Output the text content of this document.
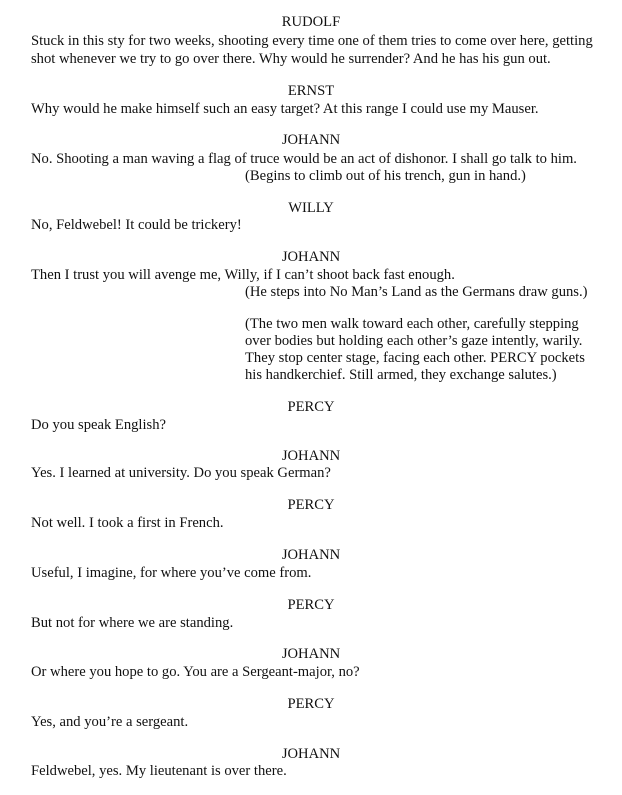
RUDOLF
Stuck in this sty for two weeks, shooting every time one of them tries to come over here, getting
shot whenever we try to go over there. Why would he surrender? And he has his gun out.
ERNST
Why would he make himself such an easy target? At this range I could use my Mauser.
JOHANN
No. Shooting a man waving a flag of truce would be an act of dishonor. I shall go talk to him.
(Begins to climb out of his trench, gun in hand.)
WILLY
No, Feldwebel! It could be trickery!
JOHANN
Then I trust you will avenge me, Willy, if I can’t shoot back fast enough.
(He steps into No Man’s Land as the Germans draw guns.)
(The two men walk toward each other, carefully stepping
over bodies but holding each other’s gaze intently, warily.
They stop center stage, facing each other. PERCY pockets
his handkerchief. Still armed, they exchange salutes.)
PERCY
Do you speak English?
JOHANN
Yes. I learned at university. Do you speak German?
PERCY
Not well. I took a first in French.
JOHANN
Useful, I imagine, for where you’ve come from.
PERCY
But not for where we are standing.
JOHANN
Or where you hope to go. You are a Sergeant-major, no?
PERCY
Yes, and you’re a sergeant.
JOHANN
Feldwebel, yes. My lieutenant is over there.
